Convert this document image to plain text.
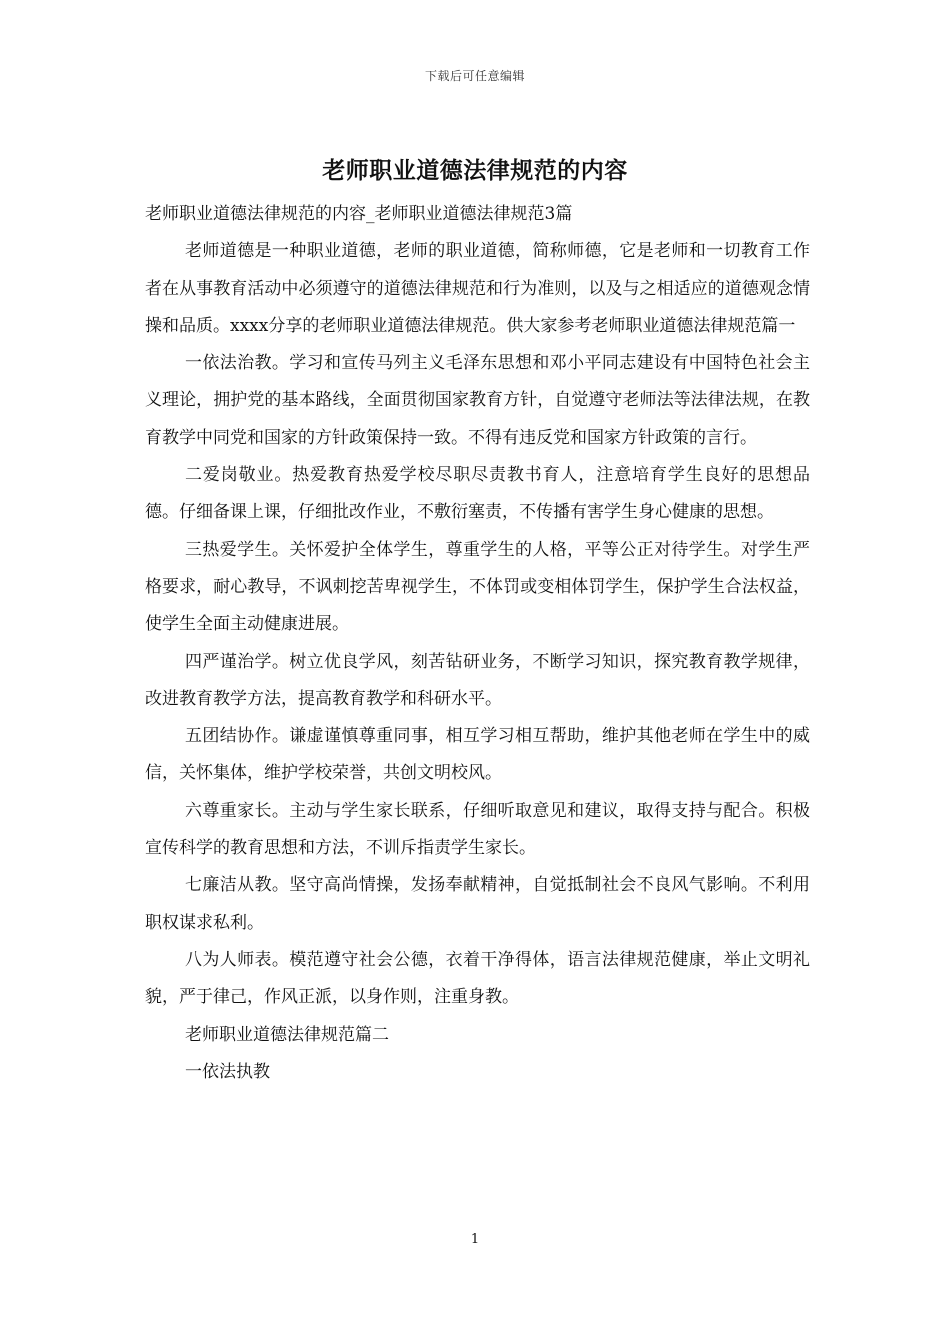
下载后可任意编辑
老师职业道德法律规范的内容

老师职业道德法律规范的内容_老师职业道德法律规范3篇

老师道德是一种职业道德，老师的职业道德，简称师德，它是老师和一切教育工作者在从事教育活动中必须遵守的道德法律规范和行为准则，以及与之相适应的道德观念情操和品质。xxxx分享的老师职业道德法律规范。供大家参考老师职业道德法律规范篇一

一依法治教。学习和宣传马列主义毛泽东思想和邓小平同志建设有中国特色社会主义理论，拥护党的基本路线，全面贯彻国家教育方针，自觉遵守老师法等法律法规，在教育教学中同党和国家的方针政策保持一致。不得有违反党和国家方针政策的言行。

二爱岗敬业。热爱教育热爱学校尽职尽责教书育人，注意培育学生良好的思想品德。仔细备课上课，仔细批改作业，不敷衍塞责，不传播有害学生身心健康的思想。

三热爱学生。关怀爱护全体学生，尊重学生的人格，平等公正对待学生。对学生严格要求，耐心教导，不讽刺挖苦卑视学生，不体罚或变相体罚学生，保护学生合法权益，使学生全面主动健康进展。

四严谨治学。树立优良学风，刻苦钻研业务，不断学习知识，探究教育教学规律，改进教育教学方法，提高教育教学和科研水平。

五团结协作。谦虚谨慎尊重同事，相互学习相互帮助，维护其他老师在学生中的威信，关怀集体，维护学校荣誉，共创文明校风。

六尊重家长。主动与学生家长联系，仔细听取意见和建议，取得支持与配合。积极宣传科学的教育思想和方法，不训斥指责学生家长。

七廉洁从教。坚守高尚情操，发扬奉献精神，自觉抵制社会不良风气影响。不利用职权谋求私利。

八为人师表。模范遵守社会公德，衣着干净得体，语言法律规范健康，举止文明礼貌，严于律己，作风正派，以身作则，注重身教。

老师职业道德法律规范篇二

一依法执教

1
